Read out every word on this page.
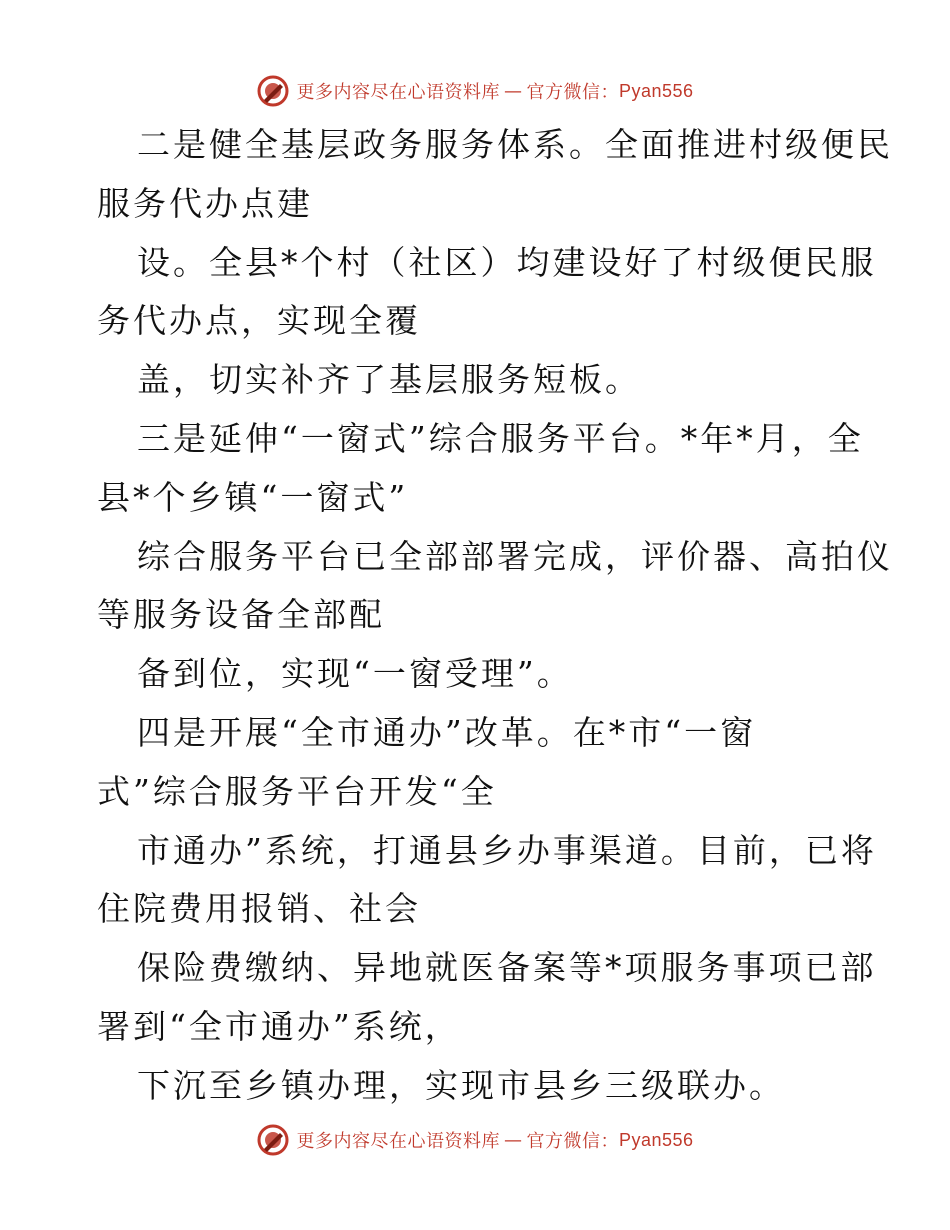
更多内容尽在心语资料库 — 官方微信： Pyan556
二是健全基层政务服务体系。全面推进村级便民
服务代办点建
设。全县*个村（社区）均建设好了村级便民服
务代办点，实现全覆
盖，切实补齐了基层服务短板。
三是延伸“一窗式”综合服务平台。*年*月，全
县*个乡镇“一窗式”
综合服务平台已全部部署完成，评价器、高拍仪
等服务设备全部配
备到位，实现“一窗受理”。
四是开展“全市通办”改革。在*市“一窗
式”综合服务平台开发“全
市通办”系统，打通县乡办事渠道。目前，已将
住院费用报销、社会
保险费缴纳、异地就医备案等*项服务事项已部
署到“全市通办”系统，
下沉至乡镇办理，实现市县乡三级联办。
更多内容尽在心语资料库 — 官方微信： Pyan556
